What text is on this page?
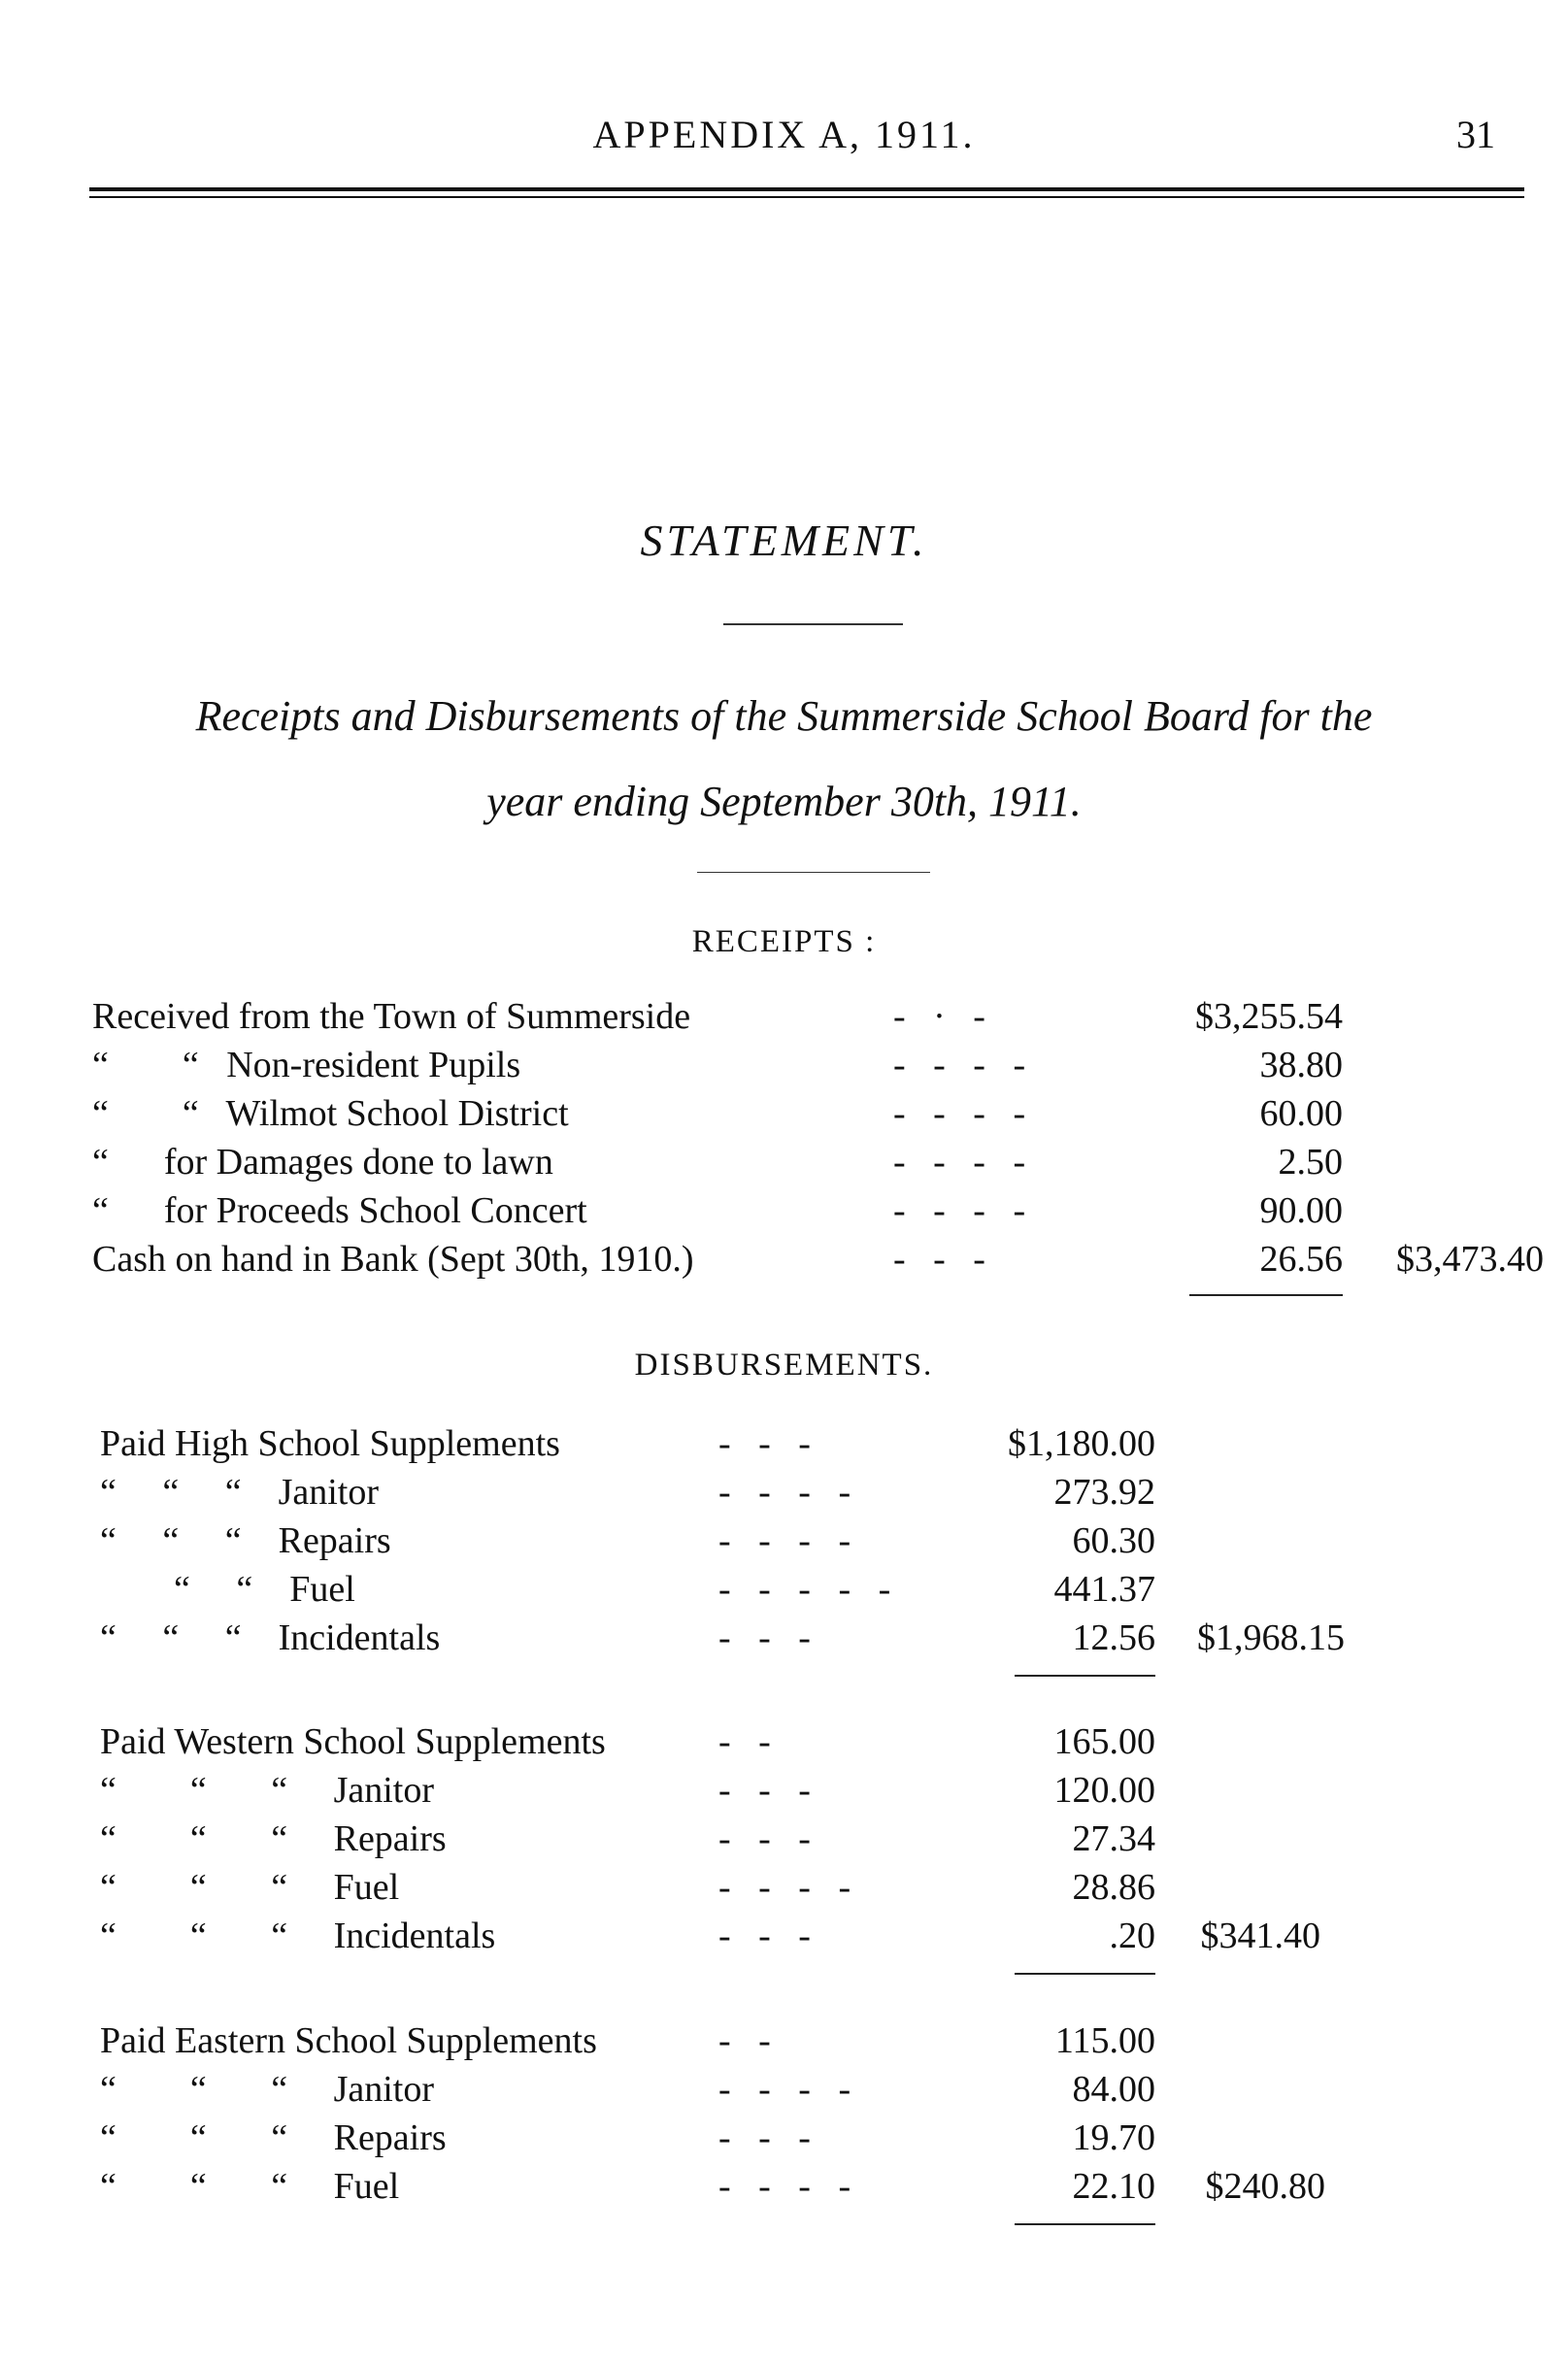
APPENDIX A, 1911.	31
STATEMENT.
Receipts and Disbursements of the Summerside School Board for the
year ending September 30th, 1911.
RECEIPTS :
Received from the Town of Summerside	-   ·   -	$3,255.54
“        “   Non-resident Pupils	-   -   -   -	38.80
“        “   Wilmot School District	-   -   -   -	60.00
“      for Damages done to lawn	-   -   -   -	2.50
“      for Proceeds School Concert	-   -   -   -	90.00
Cash on hand in Bank (Sept 30th, 1910.)	-   -   -	26.56 $3,473.40
DISBURSEMENTS.
Paid High School Supplements	-   -   -	$1,180.00
“     “     “    Janitor	-   -   -   -	273.92
“     “     “    Repairs	-   -   -   -	60.30
“     “    Fuel	-   -   -   -   -	441.37
“     “     “    Incidentals	-   -   -	12.56 $1,968.15
Paid Western School Supplements	-   -	165.00
“        “       “     Janitor	-   -   -	120.00
“        “       “     Repairs	-   -   -	27.34
“        “       “     Fuel	-   -   -   -	28.86
“        “       “     Incidentals	-   -   -	.20 $341.40
Paid Eastern School Supplements	-   -	115.00
“        “       “     Janitor	-   -   -   -	84.00
“        “       “     Repairs	-   -   -	19.70
“        “       “     Fuel	-   -   -   -	22.10 $240.80
